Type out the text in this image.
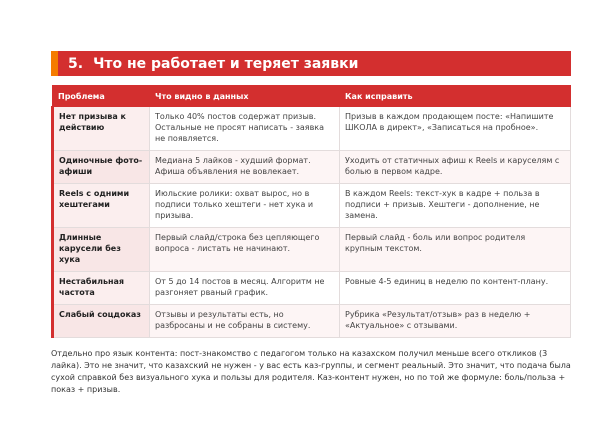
5. Что не работает и теряет заявки
Проблема	Что видно в данных	Как исправить
Нет призыва к действию	Только 40% постов содержат призыв. Остальные не просят написать - заявка не появляется.	Призыв в каждом продающем посте: «Напишите ШКОЛА в директ», «Записаться на пробное».
Одиночные фото-афиши	Медиана 5 лайков - худший формат. Афиша объявления не вовлекает.	Уходить от статичных афиш к Reels и каруселям с болью в первом кадре.
Reels с одними хештегами	Июльские ролики: охват вырос, но в подписи только хештеги - нет хука и призыва.	В каждом Reels: текст-хук в кадре + польза в подписи + призыв. Хештеги - дополнение, не замена.
Длинные карусели без хука	Первый слайд/строка без цепляющего вопроса - листать не начинают.	Первый слайд - боль или вопрос родителя крупным текстом.
Нестабильная частота	От 5 до 14 постов в месяц. Алгоритм не разгоняет рваный график.	Ровные 4-5 единиц в неделю по контент-плану.
Слабый соцдоказ	Отзывы и результаты есть, но разбросаны и не собраны в систему.	Рубрика «Результат/отзыв» раз в неделю + «Актуальное» с отзывами.

Отдельно про язык контента: пост-знакомство с педагогом только на казахском получил меньше всего откликов (3 лайка). Это не значит, что казахский не нужен - у вас есть каз-группы, и сегмент реальный. Это значит, что подача была сухой справкой без визуального хука и пользы для родителя. Каз-контент нужен, но по той же формуле: боль/польза + показ + призыв.
